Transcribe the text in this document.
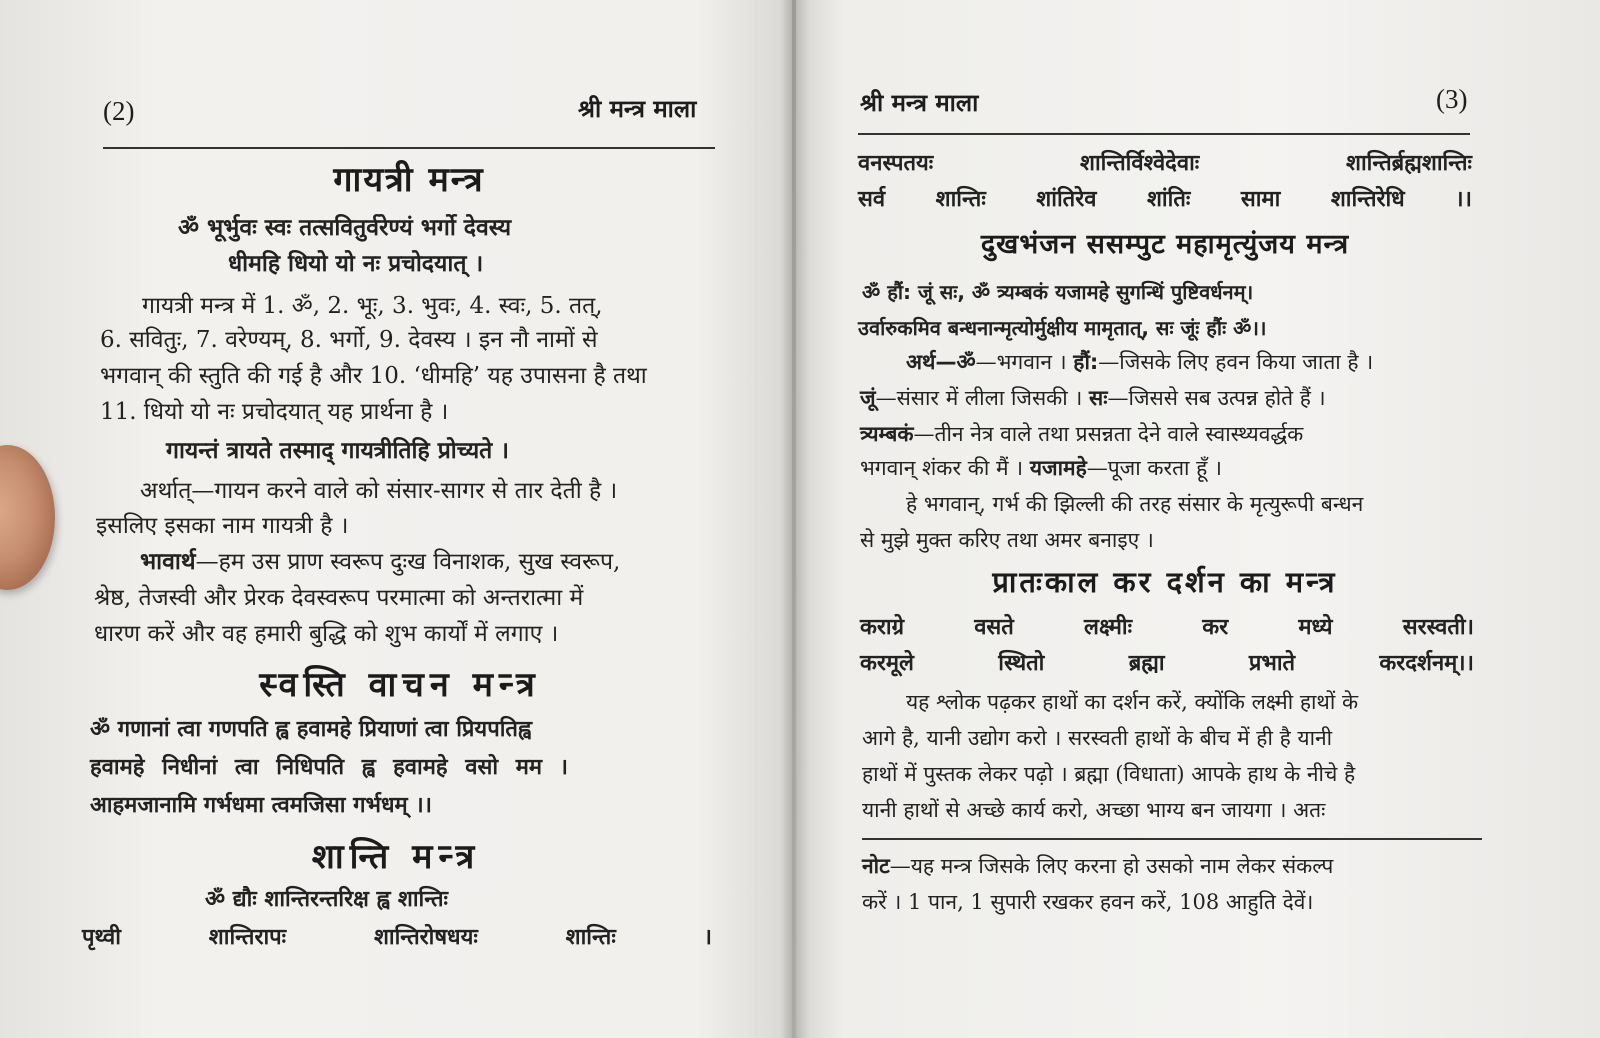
(2)	श्री मन्त्र माला
गायत्री मन्त्र
ॐ भूर्भुवः स्वः तत्सवितुर्वरेण्यं भर्गो देवस्य
धीमहि धियो यो नः प्रचोदयात् ।
गायत्री मन्त्र में 1. ॐ, 2. भूः, 3. भुवः, 4. स्वः, 5. तत्,
6. सवितुः, 7. वरेण्यम्, 8. भर्गो, 9. देवस्य । इन नौ नामों से
भगवान् की स्तुति की गई है और 10. ‘धीमहि’ यह उपासना है तथा
11. धियो यो नः प्रचोदयात् यह प्रार्थना है ।
गायन्तं त्रायते तस्माद् गायत्रीतिहि प्रोच्यते ।
अर्थात्—गायन करने वाले को संसार-सागर से तार देती है ।
इसलिए इसका नाम गायत्री है ।
भावार्थ—हम उस प्राण स्वरूप दुःख विनाशक, सुख स्वरूप,
श्रेष्ठ, तेजस्वी और प्रेरक देवस्वरूप परमात्मा को अन्तरात्मा में
धारण करें और वह हमारी बुद्धि को शुभ कार्यों में लगाए ।
स्वस्ति वाचन मन्त्र
ॐ गणानां त्वा गणपति ह्व हवामहे प्रियाणां त्वा प्रियपतिह्व
हवामहे निधीनां त्वा निधिपति ह्व हवामहे वसो मम ।
आहमजानामि गर्भधमा त्वमजिसा गर्भधम् ।।
शान्ति मन्त्र
ॐ द्यौः शान्तिरन्तरिक्ष ह्व शान्तिः
पृथ्वी	शान्तिरापः	शान्तिरोषधयः	शान्तिः	।
श्री मन्त्र माला	(3)
वनस्पतयः	शान्तिर्विश्वेदेवाः	शान्तिर्ब्रह्मशान्तिः
सर्व शान्तिः शांतिरेव शांतिः सामा शान्तिरेधि ।।
दुखभंजन ससम्पुट महामृत्युंजय मन्त्र
ॐ हौं: जूं सः, ॐ त्र्यम्बकं यजामहे सुगन्धिं पुष्टिवर्धनम्।
उर्वारुकमिव बन्धनान्मृत्योर्मुक्षीय मामृतात्, सः जूंः हौंः ॐ।।
अर्थ—ॐ—भगवान । हौं:—जिसके लिए हवन किया जाता है ।
जूं—संसार में लीला जिसकी । सः—जिससे सब उत्पन्न होते हैं ।
त्र्यम्बकं—तीन नेत्र वाले तथा प्रसन्नता देने वाले स्वास्थ्यवर्द्धक
भगवान् शंकर की मैं । यजामहे—पूजा करता हूँ ।
हे भगवान्, गर्भ की झिल्ली की तरह संसार के मृत्युरूपी बन्धन
से मुझे मुक्त करिए तथा अमर बनाइए ।
प्रातःकाल कर दर्शन का मन्त्र
कराग्रे	वसते	लक्ष्मीः	कर	मध्ये	सरस्वती।
करमूले	स्थितो	ब्रह्मा	प्रभाते	करदर्शनम्।।
यह श्लोक पढ़कर हाथों का दर्शन करें, क्योंकि लक्ष्मी हाथों के
आगे है, यानी उद्योग करो । सरस्वती हाथों के बीच में ही है यानी
हाथों में पुस्तक लेकर पढ़ो । ब्रह्मा (विधाता) आपके हाथ के नीचे है
यानी हाथों से अच्छे कार्य करो, अच्छा भाग्य बन जायगा । अतः
नोट—यह मन्त्र जिसके लिए करना हो उसको नाम लेकर संकल्प
करें । 1 पान, 1 सुपारी रखकर हवन करें, 108 आहुति देवें।
